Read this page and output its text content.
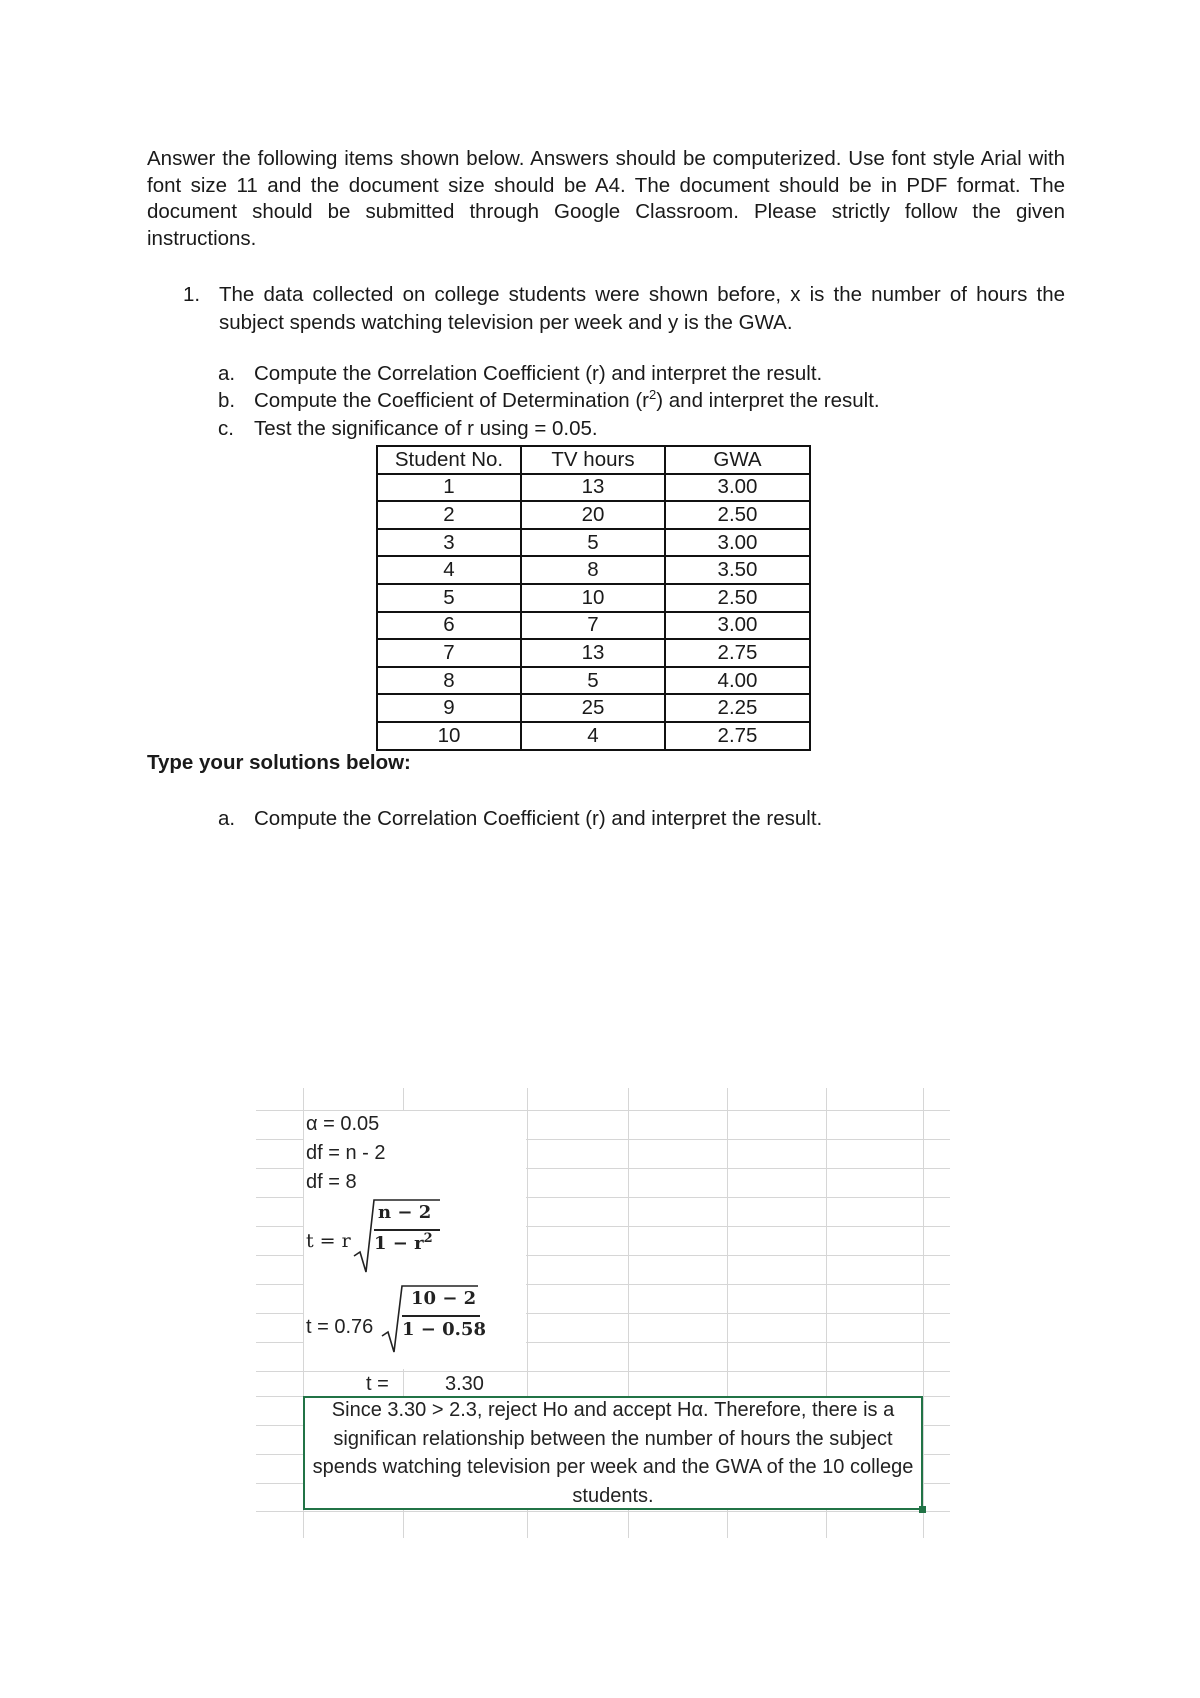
Answer the following items shown below. Answers should be computerized. Use font style Arial with font size 11 and the document size should be A4. The document should be in PDF format. The document should be submitted through Google Classroom. Please strictly follow the given instructions.

1. The data collected on college students were shown before, x is the number of hours the subject spends watching television per week and y is the GWA.
a. Compute the Correlation Coefficient (r) and interpret the result.
b. Compute the Coefficient of Determination $(r^2)$ and interpret the result.
c. Test the significance of r using = 0.05.
Student No.	TV hours	GWA
1	13	3.00
2	20	2.50
3	5	3.00
4	8	3.50
5	10	2.50
6	7	3.00
7	13	2.75
8	5	4.00
9	25	2.25
10	4	2.75

Type your solutions below:

a. Compute the Correlation Coefficient (r) and interpret the result.
α = 0.05
df = n - 2
df = 8
t = r
n − 2
$1 - r^2$
t = 0.76
10 − 2
1 − 0.58
t =	3.30

Since 3.30 > 2.3, reject Ho and accept Hα. Therefore, there is a significan relationship between the number of hours the subject spends watching television per week and the GWA of the 10 college students.
